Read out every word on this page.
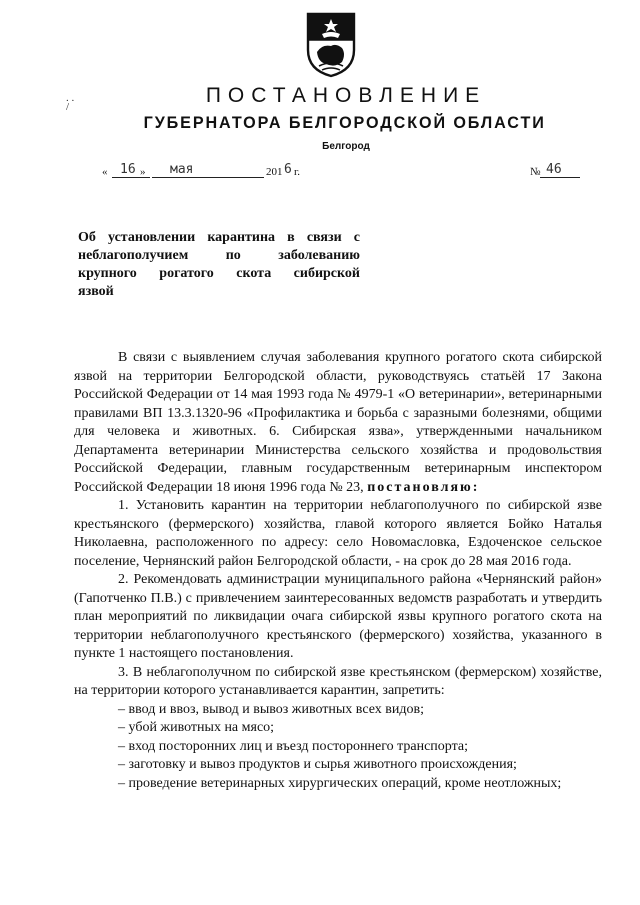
. .
/	ПОСТАНОВЛЕНИЕ
ГУБЕРНАТОРА БЕЛГОРОДСКОЙ ОБЛАСТИ
Белгород
« 16 » мая	201 6 г.	№ 46
Об установлении карантина в связи с
неблагополучием	по	заболеванию
крупного рогатого скота сибирской
язвой

В связи с выявлением случая заболевания крупного рогатого скота сибирской язвой на территории Белгородской области, руководствуясь статьёй 17 Закона Российской Федерации от 14 мая 1993 года № 4979-1 «О ветеринарии», ветеринарными правилами ВП 13.3.1320-96 «Профилактика и борьба с заразными болезнями, общими для человека и животных. 6. Сибирская язва», утвержденными начальником Департамента ветеринарии Министерства сельского хозяйства и продовольствия Российской Федерации, главным государственным ветеринарным инспектором Российской Федерации 18 июня 1996 года № 23, постановляю:

1. Установить карантин на территории неблагополучного по сибирской язве крестьянского (фермерского) хозяйства, главой которого является Бойко Наталья Николаевна, расположенного по адресу: село Новомасловка, Ездоченское сельское поселение, Чернянский район Белгородской области, - на срок до 28 мая 2016 года.

2. Рекомендовать администрации муниципального района «Чернянский район» (Гапотченко П.В.) с привлечением заинтересованных ведомств разработать и утвердить план мероприятий по ликвидации очага сибирской язвы крупного рогатого скота на территории неблагополучного крестьянского (фермерского) хозяйства, указанного в пункте 1 настоящего постановления.

3. В неблагополучном по сибирской язве крестьянском (фермерском) хозяйстве, на территории которого устанавливается карантин, запретить:

– ввод и ввоз, вывод и вывоз животных всех видов;
– убой животных на мясо;
– вход посторонних лиц и въезд постороннего транспорта;
– заготовку и вывоз продуктов и сырья животного происхождения;
– проведение ветеринарных хирургических операций, кроме неотложных;
